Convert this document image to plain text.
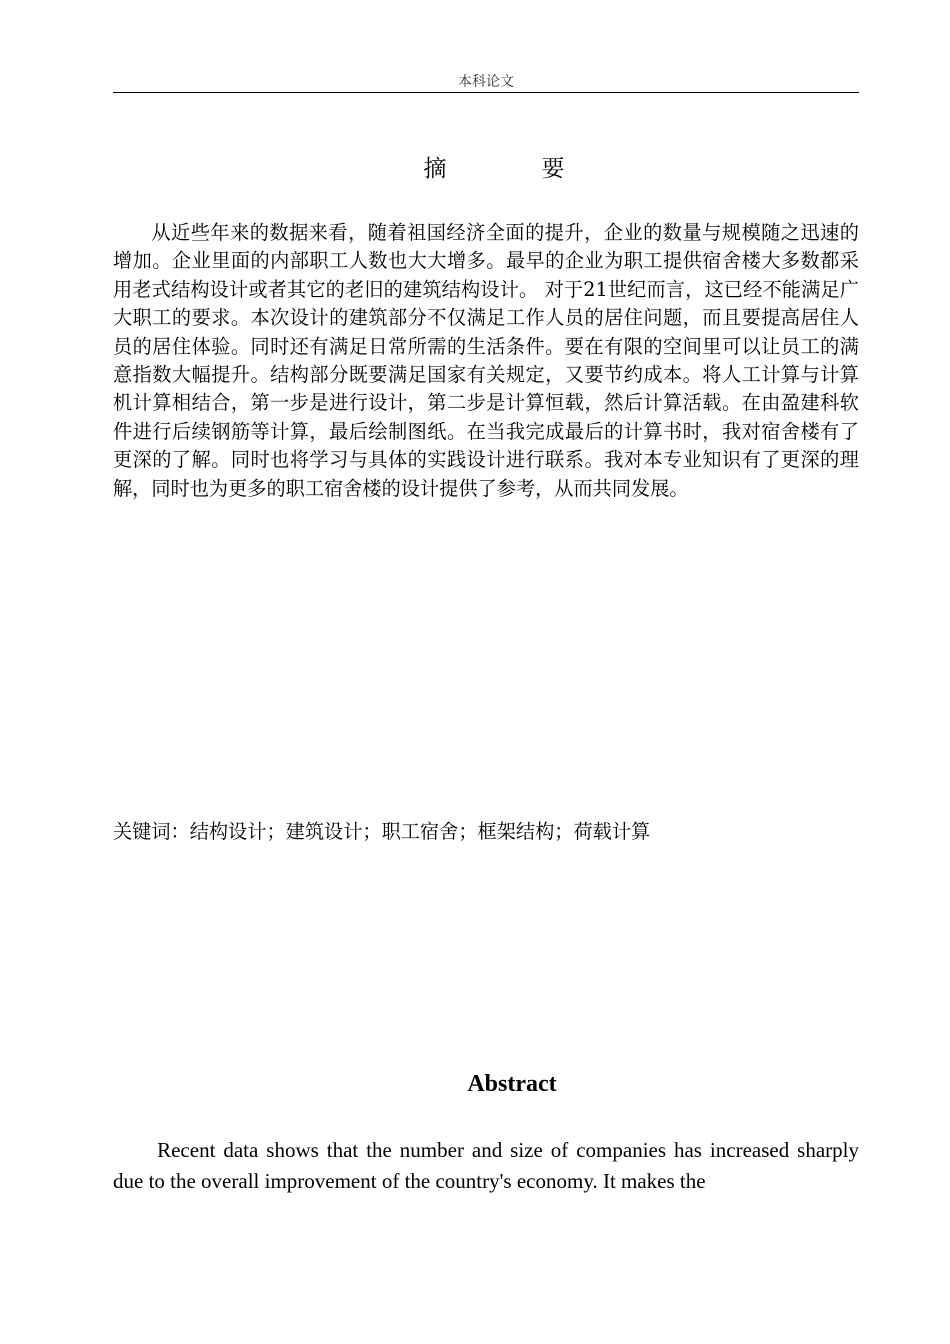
本科论文
摘　要

从近些年来的数据来看，随着祖国经济全面的提升，企业的数量与规模随之迅速的增加。企业里面的内部职工人数也大大增多。最早的企业为职工提供宿舍楼大多数都采用老式结构设计或者其它的老旧的建筑结构设计。 对于21世纪而言，这已经不能满足广大职工的要求。本次设计的建筑部分不仅满足工作人员的居住问题，而且要提高居住人员的居住体验。同时还有满足日常所需的生活条件。要在有限的空间里可以让员工的满意指数大幅提升。结构部分既要满足国家有关规定，又要节约成本。将人工计算与计算机计算相结合，第一步是进行设计，第二步是计算恒载，然后计算活载。在由盈建科软件进行后续钢筋等计算，最后绘制图纸。在当我完成最后的计算书时，我对宿舍楼有了更深的了解。同时也将学习与具体的实践设计进行联系。我对本专业知识有了更深的理解，同时也为更多的职工宿舍楼的设计提供了参考，从而共同发展。

关键词：结构设计；建筑设计；职工宿舍；框架结构；荷载计算
Abstract

Recent data shows that the number and size of companies has increased sharply due to the overall improvement of the country's economy. It makes the
